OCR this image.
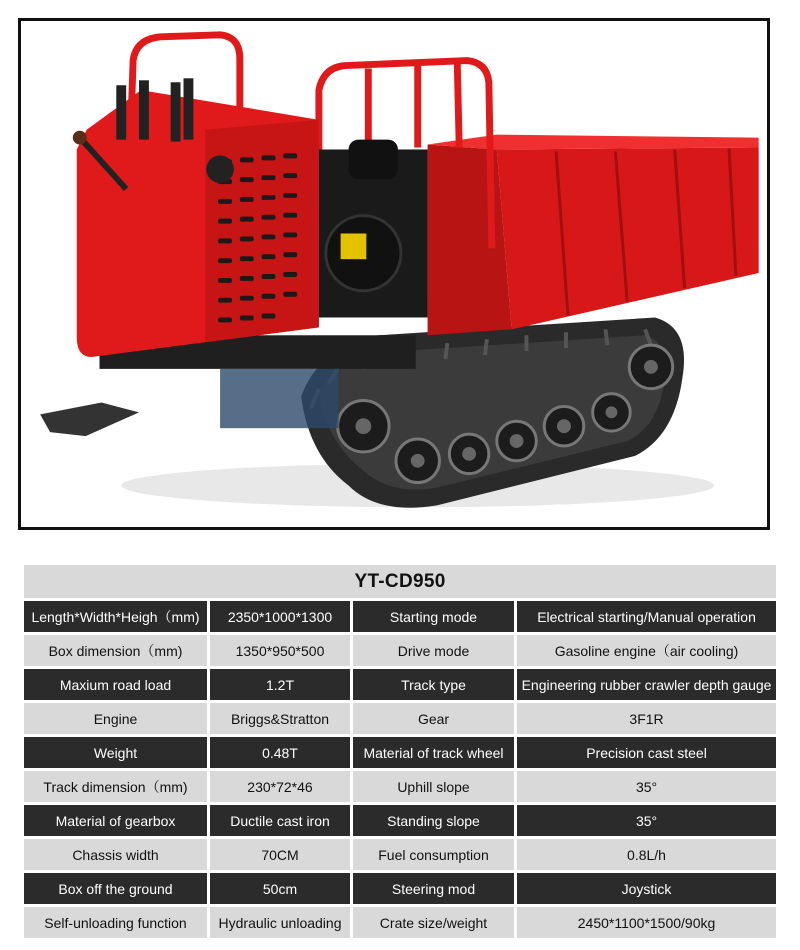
YT-CD950			
Length*Width*Heigh（mm)	2350*1000*1300	Starting mode	Electrical starting/Manual operation
Box dimension（mm)	1350*950*500	Drive mode	Gasoline engine（air cooling)
Maxium road load	1.2T	Track type	Engineering rubber crawler depth gauge
Engine	Briggs&Stratton	Gear	3F1R
Weight	0.48T	Material of track wheel	Precision cast steel
Track dimension（mm)	230*72*46	Uphill slope	35°
Material of gearbox	Ductile cast iron	Standing slope	35°
Chassis width	70CM	Fuel consumption	0.8L/h
Box off the ground	50cm	Steering mod	Joystick
Self-unloading function	Hydraulic unloading	Crate size/weight	2450*1100*1500/90kg
